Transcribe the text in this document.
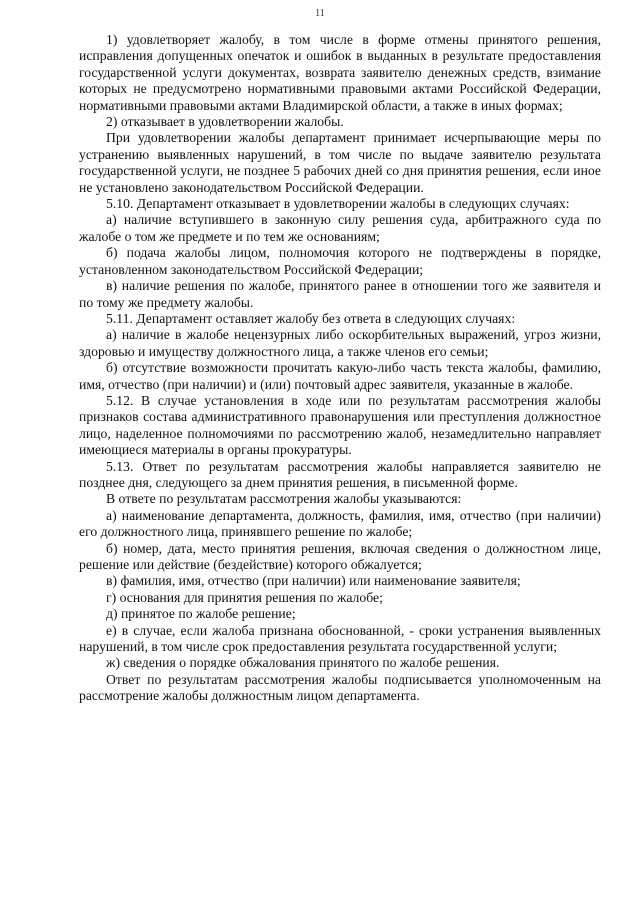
11

1) удовлетворяет жалобу, в том числе в форме отмены принятого решения, исправления допущенных опечаток и ошибок в выданных в результате предоставления государственной услуги документах, возврата заявителю денежных средств, взимание которых не предусмотрено нормативными правовыми актами Российской Федерации, нормативными правовыми актами Владимирской области, а также в иных формах;

2) отказывает в удовлетворении жалобы.

При удовлетворении жалобы департамент принимает исчерпывающие меры по устранению выявленных нарушений, в том числе по выдаче заявителю результата государственной услуги, не позднее 5 рабочих дней со дня принятия решения, если иное не установлено законодательством Российской Федерации.

5.10. Департамент отказывает в удовлетворении жалобы в следующих случаях:

а) наличие вступившего в законную силу решения суда, арбитражного суда по жалобе о том же предмете и по тем же основаниям;

б) подача жалобы лицом, полномочия которого не подтверждены в порядке, установленном законодательством Российской Федерации;

в) наличие решения по жалобе, принятого ранее в отношении того же заявителя и по тому же предмету жалобы.

5.11. Департамент оставляет жалобу без ответа в следующих случаях:

а) наличие в жалобе нецензурных либо оскорбительных выражений, угроз жизни, здоровью и имуществу должностного лица, а также членов его семьи;

б) отсутствие возможности прочитать какую-либо часть текста жалобы, фамилию, имя, отчество (при наличии) и (или) почтовый адрес заявителя, указанные в жалобе.

5.12. В случае установления в ходе или по результатам рассмотрения жалобы признаков состава административного правонарушения или преступления должностное лицо, наделенное полномочиями по рассмотрению жалоб, незамедлительно направляет имеющиеся материалы в органы прокуратуры.

5.13. Ответ по результатам рассмотрения жалобы направляется заявителю не позднее дня, следующего за днем принятия решения, в письменной форме.

В ответе по результатам рассмотрения жалобы указываются:

а) наименование департамента, должность, фамилия, имя, отчество (при наличии) его должностного лица, принявшего решение по жалобе;

б) номер, дата, место принятия решения, включая сведения о должностном лице, решение или действие (бездействие) которого обжалуется;

в) фамилия, имя, отчество (при наличии) или наименование заявителя;

г) основания для принятия решения по жалобе;

д) принятое по жалобе решение;

е) в случае, если жалоба признана обоснованной, - сроки устранения выявленных нарушений, в том числе срок предоставления результата государственной услуги;

ж) сведения о порядке обжалования принятого по жалобе решения.

Ответ по результатам рассмотрения жалобы подписывается уполномоченным на рассмотрение жалобы должностным лицом департамента.
